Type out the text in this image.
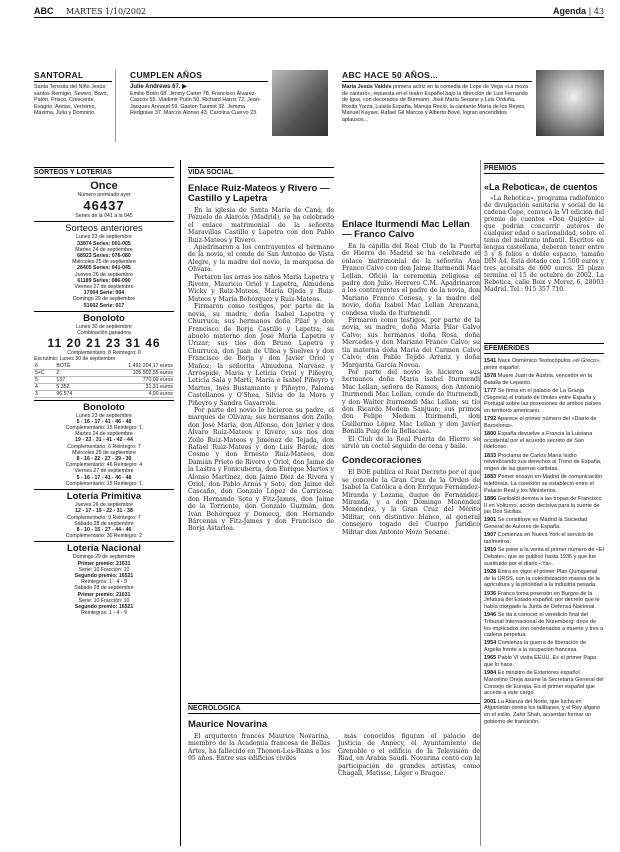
ABC MARTES 1/10/2002	Agenda | 43
SANTORAL
Santa Teresita del Niño Jesús; santos Remigio, Severo, Bavó, Patón, Prisco, Crescente, Evagrio, Aretas, Verísimo, Máxima, Julia y Domnino.
CUMPLEN AÑOS
Julie Andrews 67. ▶
Emilio Botín 68. Jimmy Carter 78. Francisco Álvarez-Cascos 55. Vladimir Putin 50. Richard Harris 72. Jean-Jacques Annaud 59. Gaston Taumet 32. Jemma Redgrave 37. Marcos Alonso 43. Carolina Cuervo 23.
ABC HACE 50 AÑOS...
María Jesús Valdés primera actriz en la comedia de Lope de Vega «La moza de cántaro», repuesta en el teatro Español bajo la dirección de Luis Fernando de Igoa, con decorados de Burmann. José María Seoane y Luis Orduña, Rosita Yarza, Luisita España, Manuja Recio, la cantante María de los Reyes, Manuel Kayser, Rafael Gil Marcos y Alberto Bové, logran encendidos aplausos...
SORTEOS Y LOTERÍAS
Once
Número premiado ayer
46437
Series de la 041 a la 045
Sorteos anteriores
Lunes 23 de septiembre
33874 Series: 001-005
Martes 24 de septiembre
68923 Series: 076-080
Miércoles 25 de septiembre
28405 Series: 041-045
Jueves 26 de septiembre
61189 Series: 086-090
Viernes 27 de septiembre
17004 Serie: 004
Domingo 29 de septiembre
51602 Serie: 017
Bonoloto
Lunes 30 de septiembre
Combinación ganadora
11 20 21 23 31 46
Complementario: 8 Reintegro: 0
Escrutinio: Lunes 30 de septiembre
6	BOTE	1.491.204,17 euros
5+C	2	105.502,55 euros
5	137	770,09 euros
4	5.352	31,31 euros
3	96.574	4,00 euros
Bonoloto
Lunes 23 de septiembre
5 - 16 - 17 - 41 - 46 - 48
Complementario: 15 Reintegro: 1
Martes 24 de septiembre
19 - 23 - 31 - 41 - 42 - 44
Complementario: 6 Reintegro: 7
Miércoles 25 de septiembre
8 - 16 - 22 - 27 - 29 - 30
Complementario: 46 Reintegro: 4
Viernes 27 de septiembre
5 - 16 - 17 - 41 - 46 - 48
Complementario: 15 Reintegro: 1
Lotería Primitiva
Jueves 26 de septiembre
12 - 17 - 19 - 22 - 31 - 38
Complementario: 9 Reintegro: 7
Sábado 28 de septiembre
8 - 10 - 15 - 27 - 44 - 46
Complementario: 30 Reintegro: 2
Lotería Nacional
Domingo 29 de septiembre
Primer premio: 21631
Serie: 10 Fracción: 10
Segundo premio: 16521
Reintegros: 1 - 4 - 9
Sábado 28 de septiembre
Primer premio: 21631
Serie: 10 Fracción: 10
Segundo premio: 16521
Reintegros: 1 - 4 - 9
VIDA SOCIAL
Enlace Ruiz-Mateos y Rivero — Castillo y Lapetra

En la iglesia de Santa María de Caná, de Pozuelo de Alarcón (Madrid), se ha celebrado el enlace matrimonial de la señorita Maravillas Castillo y Lapetra con don Pablo Ruiz-Mateos y Rivero.

Apadrinaron a los contrayentes el hermano de la novia, el conde de San Antonio de Vista Alegre, y la madre del novio, la marquesa de Olivara.

Portaron las arras los niños María Lapetra y Rivero, Mauricio Oriol y Lapetra, Almudena Wicky y Ruiz-Mateos, María Ojeda y Ruiz-Mateos y María Bohórquez y Ruiz-Mateos.

Firmaron como testigos, por parte de la novia, su madre, doña Isabel Lapetra y Churruca; sus hermanos doña Pilar y don Francisco de Borja Castillo y Lapetra; su abuelo materno don José María Lapetra y Urizar; sus tíos don Bruno Lapetra y Churruca, don Juan de Ulloa y Suelves y don Francisco de Borja y don Javier Oriol y Muñoz; la señorita Almudena Narváez y Arróspide, María y Leticia Oriol y Piñeyro, Leticia Sala y Martí, María e Isabel Piñeyro y Martos, Inés Bustamante y Piñeyro, Paloma Castellanos y O'Shea, Silvia de la Mora y Piñeyro y Sandra Gayarrola.

Por parte del novio lo hicieron su padre, el marqués de Olivara; sus hermanos don Zoilo, don José María, don Alfonso, don Javier y don Álvaro Ruiz-Mateos y Rivero; sus tíos don Zoilo Ruiz-Mateos y Jiménez de Tejada, don Rafael Ruiz-Mateos y don Luis Barón; don Cosme y don Ernesto Ruiz-Mateos, don Damián Prieto de Rivero y Oriol, don Jaime de la Lastra y Fonicuberta, don Enrique Martos y Alonso Martínez, don Jaime Díez de Rivera y Oriol, don Pablo Arnús y Soto, don Jaime del Cascaño, don Gonzalo López de Carrizosa, don Hernando Soto y Fitz-James, don Jaime de la Torriente, don Gonzalo Guzmán, don Iván Bohórquez y Domecq, don Hernando Bárcenas y Fitz-James y don Francisco de Borja Astarloa.

Enlace Iturmendi Mac Lellan — Franco Calvo

En la capilla del Real Club de la Puerta de Hierro de Madrid se ha celebrado el enlace matrimonial de la señorita Ana Franco Calvo con don Jaime Iturmendi Mac Lellan. Ofició la ceremonia religiosa el padre don Julio Herrero C.M. Apadrinaron a los contrayentes el padre de la novia, don Mariano Franco Conesa, y la madre del novio, doña Isabel Mac Lellan Arenzana, condesa viuda de Iturmendi.

Firmaron como testigos, por parte de la novia, su madre, doña María Pilar Calvo Calvo; sus hermanos doña Rosa, doña Mercedes y don Mariano Franco Calvo; su tía materna doña María del Carmen Calvo Calvo; don Pablo Tejido Arranz y doña Margarita García Novoa.

Por parte del novio lo hicieron sus hermanos doña María Isabel Iturmendi Mac Lellan, señora de Ramos; don Antonio Iturmendi Mac Lellan, conde de Iturmendi, y don Walter Iturmendi Mac Lellan; su tío don Ricardo Medem Sanjuan; sus primos don Felipe Medem Iturmendi, don Guillermo López Mac Lellan y don Javier Bonilla Puig de la Bellacasa.

El Club de la Real Puerta de Hierro se sirvió un cóctel seguido de cena y baile.

Condecoraciones

El BOE publica el Real Decreto por el que se concede la Gran Cruz de la Orden de Isabel la Católica a don Enrique Fernández-Miranda y Lozana, duque de Fernández-Miranda, y a don Domingo Menéndez Menéndez, y la Gran Cruz del Mérito Militar, con distintivo blanco, al general consejero togado del Cuerpo Jurídico Militar don Antonio Mozo Seoane.

NECROLÓGICA
Maurice Novarina

El arquitecto francés Maurice Novarina, miembro de la Academia francesa de Bellas Artes, ha fallecido en Thonon-Les-Bains a los 95 años. Entre sus edificios civiles

más conocidos figuran el palacio de Justicia de Annecy, el Ayuntamiento de Grenoble o el edificio de la Televisión de Riad, en Arabia Saudí. Novarina contó con la participación de grandes artistas, como Chagall, Matisse, Léger o Braque.

PREMIOS
«La Rebotica», de cuentos

«La Rebotica», programa radiofónico de divulgación sanitaria y social de la cadena Cope, convoca la VI edición del premio de cuentos «Don Quijote» al que podrán concurrir autores de cualquier edad o nacionalidad, sobre el tema del maltrato infantil. Escritos en lengua castellana, deberán tener entre 5 y 8 folios a doble espacio, tamaño DIN A4. Está dotado con 1.500 euros y tres accésits de 600 euros. El plazo termina el 15 de octubre de 2002. La Rebotica, calle Boix y Morer, 6, 28003 Madrid. Tel.: 915 357 710.

EFEMÉRIDES
1541 Nace Doménico Teotocópulos «el Greco», pintor español.
1578 Muere Juan de Austria, vencedor en la Batalla de Lepanto.
1777 Se firma en el palacio de La Granja (Segovia) el tratado de límites entre España y Portugal sobre las posesiones de ambos países en territorio americano.
1792 Aparece el primer número del «Diario de Barcelona».
1800 España devuelve a Francia la Luisiana occidental por el acuerdo secreto de San Ildefonso.
1833 Proclama de Carlos María Isidro reivindicando sus derechos al Trono de España, origen de las guerras carlistas.
1883 Primer ensayo en Madrid de comunicación telefónica. La conexión se estableció entre el Palacio Real y los Ministerios.
1886 Garibaldi derrota a las tropas de Francisco II en Volturno, acción decisiva para la suerte de las Dos Sicilias.
1901 Se constituye en Madrid la Sociedad General de Autores de España.
1907 Comienza en Nueva York el servicio de taxímetros.
1910 Se pone a la venta el primer número de «El Debate», que se publicó hasta 1936 y que fue sustituido por el diario «Ya».
1928 Entra en vigor el primer Plan Quinquenal de la URSS, con la colectivización masiva de la agricultura y la prioridad a la industria pesada.
1936 Franco toma posesión en Burgos de la Jefatura del Estado español, por decreto que le había otorgado la Junta de Defensa Nacional.
1946 Se da a conocer el veredicto final del Tribunal Internacional de Núremberg: doce de los implicados son condenados a muerte y tres a cadena perpetua.
1954 Comienza la guerra de liberación de Argelia frente a la ocupación francesa.
1965 Pablo VI visita EEUU. Es el primer Papa que lo hace.
1984 Ex ministro de Exteriores español Marcelino Oreja asume la Secretaría General del Consejo de Europa. Es el primer español que accede a este cargo.
2001 La Alianza del Norte, que lucha en Afganistán contra los talibanes, y el Rey afgano en el exilio, Zahir Shah, acuerdan formar un gobierno de transición.
